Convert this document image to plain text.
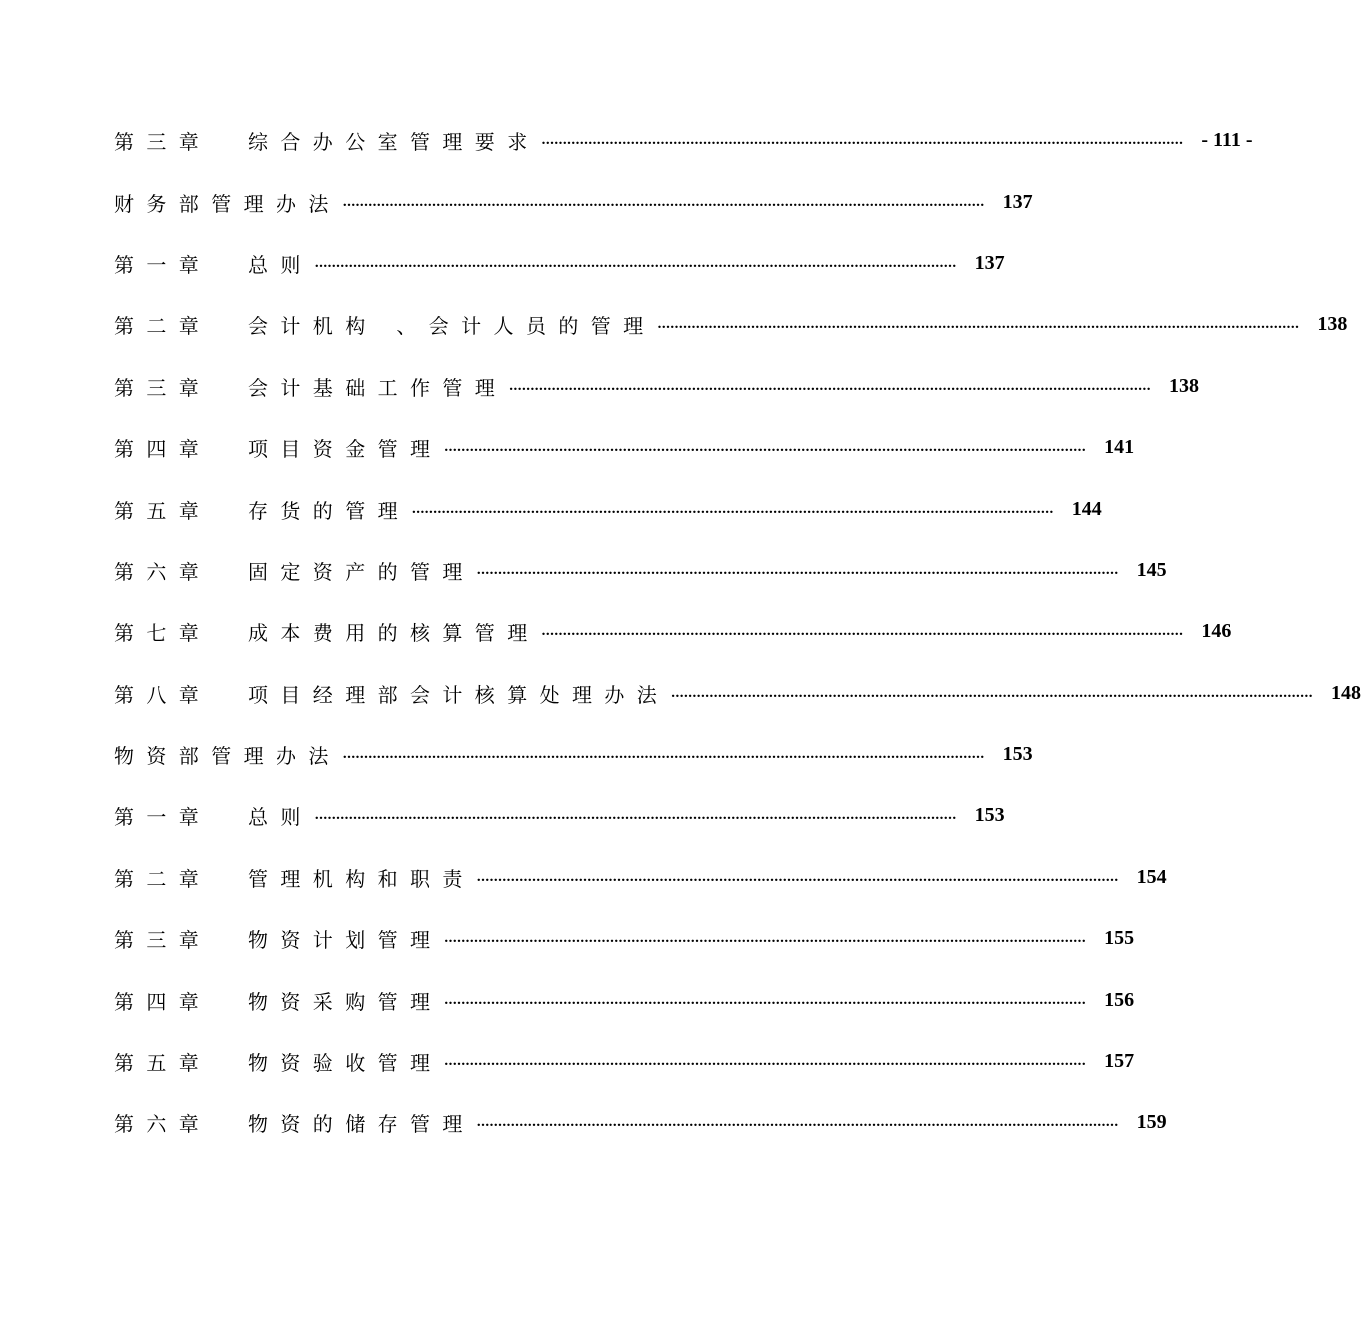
第三章	综合办公室管理要求 ....................................................................................................................................................... - 111 -
财务部管理办法 ....................................................................................................................................................... 137
第一章	总则 ....................................................................................................................................................... 137
第二章	会计机构 、会计人员的管理 ....................................................................................................................................................... 138
第三章	会计基础工作管理 ....................................................................................................................................................... 138
第四章	项目资金管理 ....................................................................................................................................................... 141
第五章	存货的管理 ....................................................................................................................................................... 144
第六章	固定资产的管理 ....................................................................................................................................................... 145
第七章	成本费用的核算管理 ....................................................................................................................................................... 146
第八章	项目经理部会计核算处理办法 ....................................................................................................................................................... 148
物资部管理办法 ....................................................................................................................................................... 153
第一章	总则 ....................................................................................................................................................... 153
第二章	管理机构和职责 ....................................................................................................................................................... 154
第三章	物资计划管理 ....................................................................................................................................................... 155
第四章	物资采购管理 ....................................................................................................................................................... 156
第五章	物资验收管理 ....................................................................................................................................................... 157
第六章	物资的储存管理 ....................................................................................................................................................... 159
